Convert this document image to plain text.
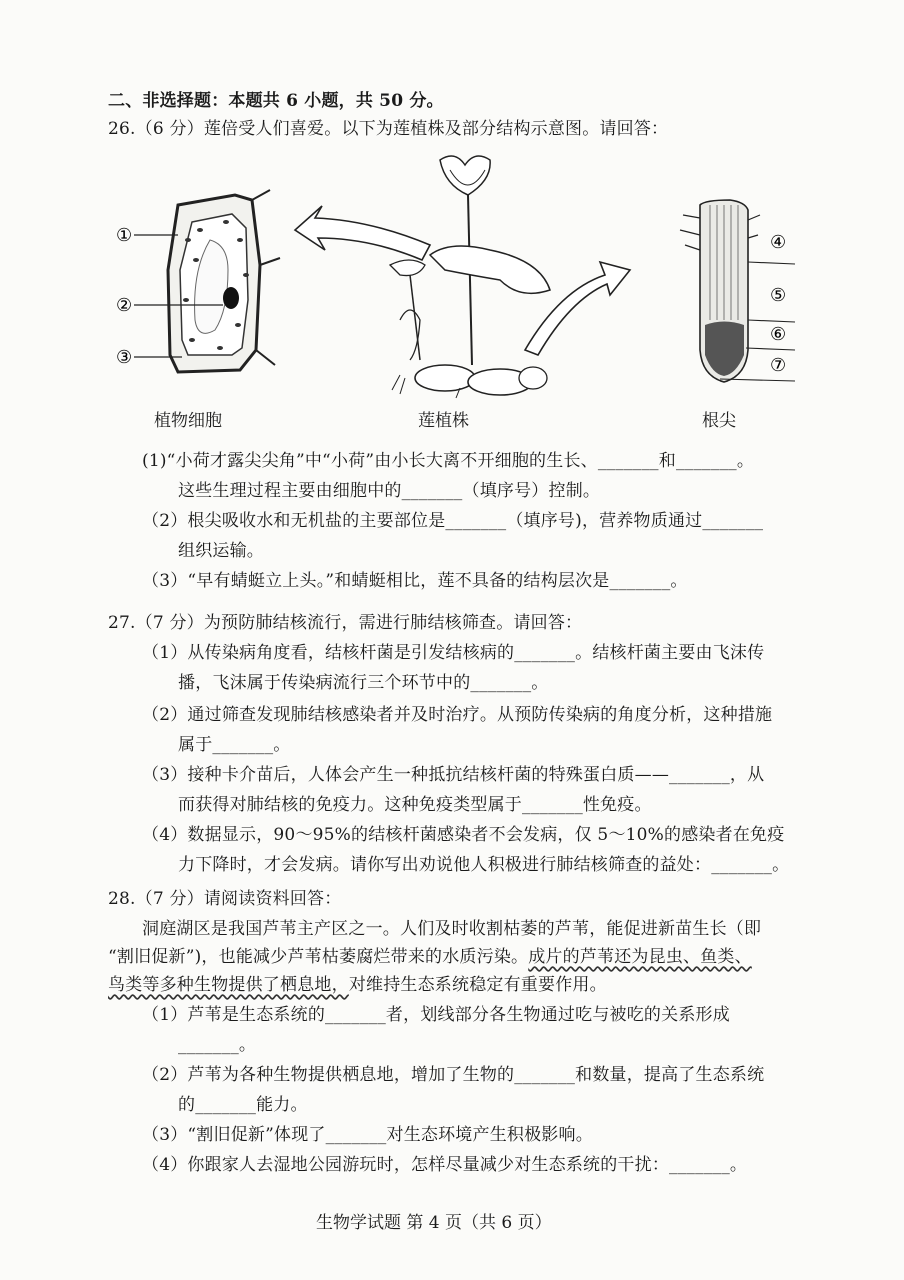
二、非选择题：本题共 6 小题，共 50 分。
26.（6 分）莲倍受人们喜爱。以下为莲植株及部分结构示意图。请回答：
①
②
③
④
⑤
⑥
⑦
植物细胞	莲植株	根尖
(1)“小荷才露尖尖角”中“小荷”由小长大离不开细胞的生长、_______和_______。
这些生理过程主要由细胞中的_______（填序号）控制。
（2）根尖吸收水和无机盐的主要部位是_______（填序号)，营养物质通过_______
组织运输。
（3）“早有蜻蜓立上头。”和蜻蜓相比，莲不具备的结构层次是_______。
27.（7 分）为预防肺结核流行，需进行肺结核筛查。请回答：
（1）从传染病角度看，结核杆菌是引发结核病的_______。结核杆菌主要由飞沫传
播，飞沫属于传染病流行三个环节中的_______。
（2）通过筛查发现肺结核感染者并及时治疗。从预防传染病的角度分析，这种措施
属于_______。
（3）接种卡介苗后，人体会产生一种抵抗结核杆菌的特殊蛋白质——_______，从
而获得对肺结核的免疫力。这种免疫类型属于_______性免疫。
（4）数据显示，90～95%的结核杆菌感染者不会发病，仅 5～10%的感染者在免疫
力下降时，才会发病。请你写出劝说他人积极进行肺结核筛查的益处：_______。
28.（7 分）请阅读资料回答：
洞庭湖区是我国芦苇主产区之一。人们及时收割枯萎的芦苇，能促进新苗生长（即
“割旧促新”)，也能减少芦苇枯萎腐烂带来的水质污染。成片的芦苇还为昆虫、鱼类、
鸟类等多种生物提供了栖息地，对维持生态系统稳定有重要作用。
（1）芦苇是生态系统的_______者，划线部分各生物通过吃与被吃的关系形成
_______。
（2）芦苇为各种生物提供栖息地，增加了生物的_______和数量，提高了生态系统
的_______能力。
（3）“割旧促新”体现了_______对生态环境产生积极影响。
（4）你跟家人去湿地公园游玩时，怎样尽量减少对生态系统的干扰：_______。
生物学试题 第 4 页（共 6 页）
